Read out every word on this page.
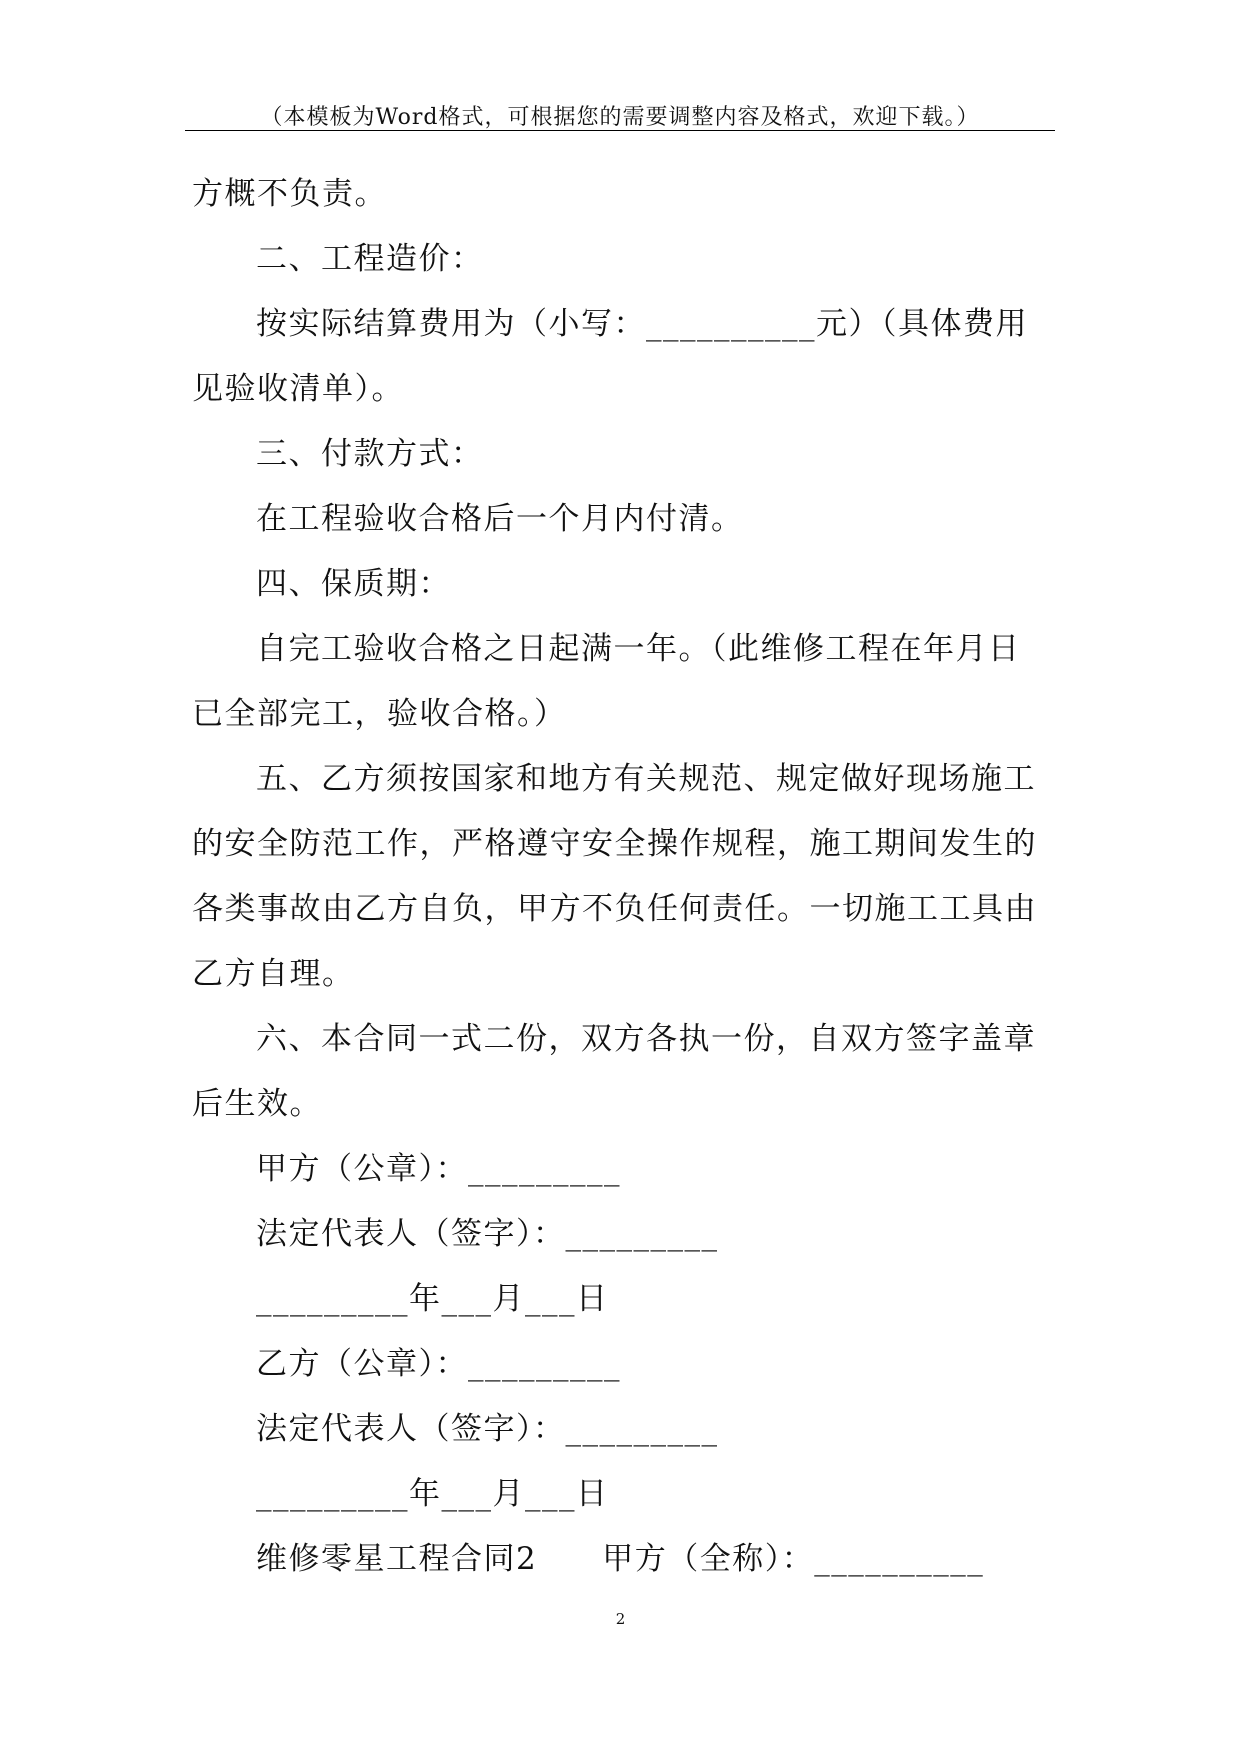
（本模板为Word格式，可根据您的需要调整内容及格式，欢迎下载。）

方概不负责。

二、工程造价：

按实际结算费用为（小写：__________元）（具体费用

见验收清单）。

三、付款方式：

在工程验收合格后一个月内付清。

四、保质期：

自完工验收合格之日起满一年。（此维修工程在年月日

已全部完工，验收合格。）

五、乙方须按国家和地方有关规范、规定做好现场施工

的安全防范工作，严格遵守安全操作规程，施工期间发生的

各类事故由乙方自负，甲方不负任何责任。一切施工工具由

乙方自理。

六、本合同一式二份，双方各执一份，自双方签字盖章

后生效。

甲方（公章）：_________

法定代表人（签字）：_________

_________年___月___日

乙方（公章）：_________

法定代表人（签字）：_________

_________年___月___日

维修零星工程合同2　　甲方（全称）：__________

2
